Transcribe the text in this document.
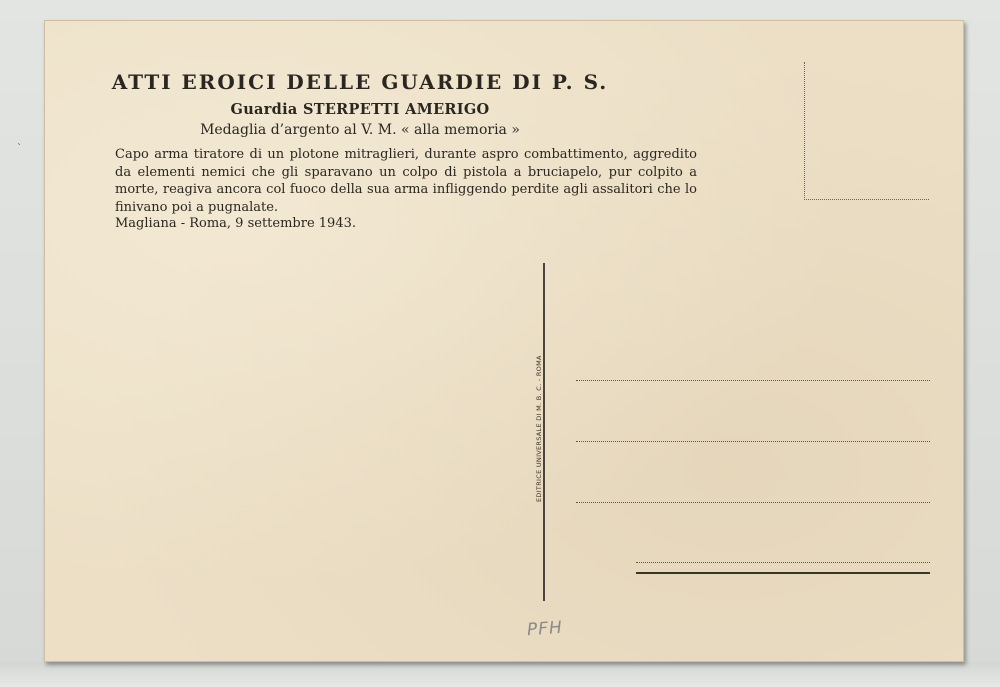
ˋ
ATTI EROICI DELLE GUARDIE DI P. S.
Guardia STERPETTI AMERIGO
Medaglia d’argento al V. M. « alla memoria »
Capo arma tiratore di un plotone mitraglieri, durante aspro combattimento, aggredito da elementi nemici che gli sparavano un colpo di pistola a bruciapelo, pur colpito a morte, reagiva ancora col fuoco della sua arma infliggendo perdite agli assalitori che lo finivano poi a pugnalate.
Magliana - Roma, 9 settembre 1943.
EDITRICE UNIVERSALE DI M. B. C. - ROMA
PFH
